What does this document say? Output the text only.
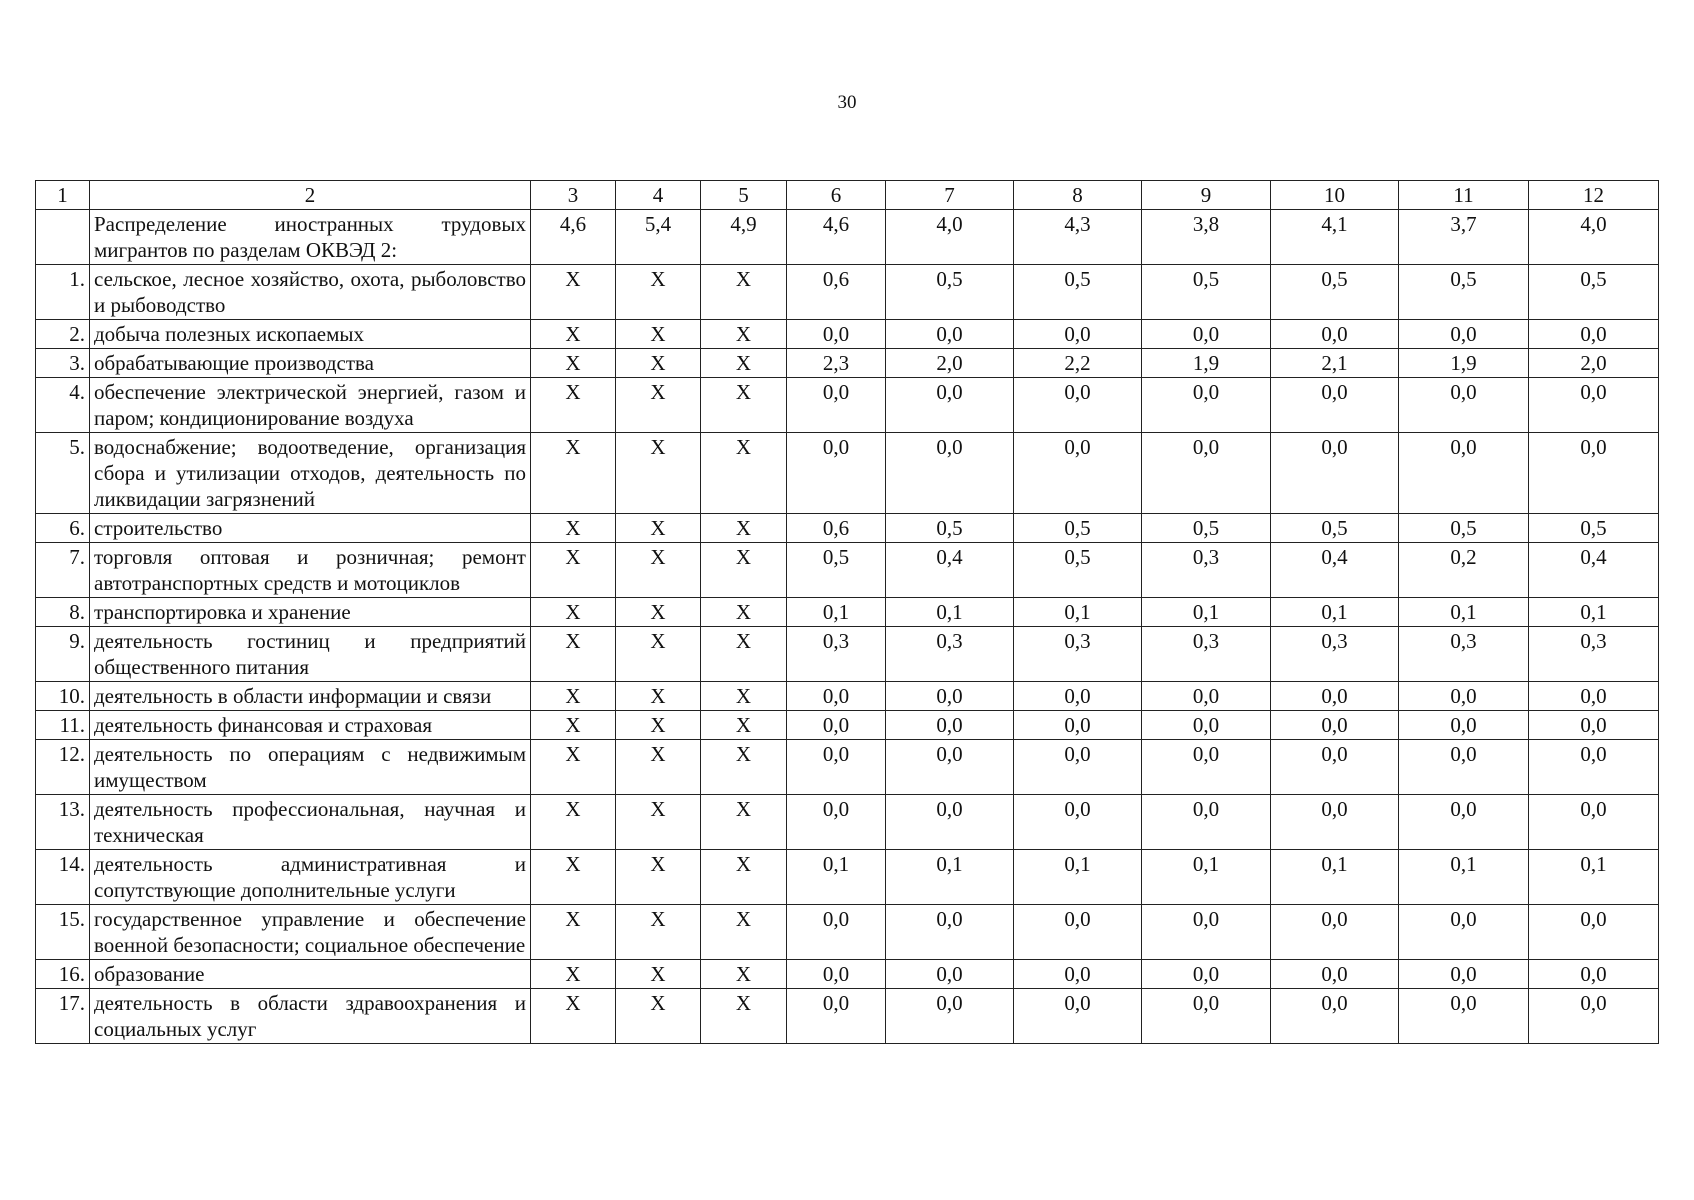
30
1	2	3	4	5	6	7	8	9	10	11	12
	Распределение иностранных трудовых мигрантов по разделам ОКВЭД 2:	4,6	5,4	4,9	4,6	4,0	4,3	3,8	4,1	3,7	4,0
1.	сельское, лесное хозяйство, охота, рыболовство и рыбоводство	X	X	X	0,6	0,5	0,5	0,5	0,5	0,5	0,5
2.	добыча полезных ископаемых	X	X	X	0,0	0,0	0,0	0,0	0,0	0,0	0,0
3.	обрабатывающие производства	X	X	X	2,3	2,0	2,2	1,9	2,1	1,9	2,0
4.	обеспечение электрической энергией, газом и паром; кондиционирование воздуха	X	X	X	0,0	0,0	0,0	0,0	0,0	0,0	0,0
5.	водоснабжение; водоотведение, организация сбора и утилизации отходов, деятельность по ликвидации загрязнений	X	X	X	0,0	0,0	0,0	0,0	0,0	0,0	0,0
6.	строительство	X	X	X	0,6	0,5	0,5	0,5	0,5	0,5	0,5
7.	торговля оптовая и розничная; ремонт автотранспортных средств и мотоциклов	X	X	X	0,5	0,4	0,5	0,3	0,4	0,2	0,4
8.	транспортировка и хранение	X	X	X	0,1	0,1	0,1	0,1	0,1	0,1	0,1
9.	деятельность гостиниц и предприятий общественного питания	X	X	X	0,3	0,3	0,3	0,3	0,3	0,3	0,3
10.	деятельность в области информации и связи	X	X	X	0,0	0,0	0,0	0,0	0,0	0,0	0,0
11.	деятельность финансовая и страховая	X	X	X	0,0	0,0	0,0	0,0	0,0	0,0	0,0
12.	деятельность по операциям с недвижимым имуществом	X	X	X	0,0	0,0	0,0	0,0	0,0	0,0	0,0
13.	деятельность профессиональная, научная и техническая	X	X	X	0,0	0,0	0,0	0,0	0,0	0,0	0,0
14.	деятельность административная и сопутствующие дополнительные услуги	X	X	X	0,1	0,1	0,1	0,1	0,1	0,1	0,1
15.	государственное управление и обеспечение военной безопасности; социальное обеспечение	X	X	X	0,0	0,0	0,0	0,0	0,0	0,0	0,0
16.	образование	X	X	X	0,0	0,0	0,0	0,0	0,0	0,0	0,0
17.	деятельность в области здравоохранения и социальных услуг	X	X	X	0,0	0,0	0,0	0,0	0,0	0,0	0,0
